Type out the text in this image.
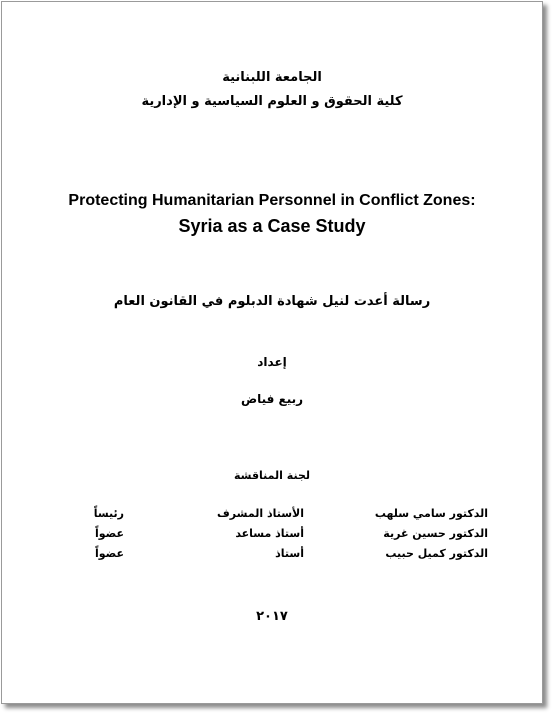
الجامعة اللبنانية
كلية الحقوق و العلوم السياسية و الإدارية
Protecting Humanitarian Personnel in Conflict Zones:
Syria as a Case Study
رسالة أعدت لنيل شهادة الدبلوم في القانون العام
إعداد
ربيع فياض
لجنة المناقشة
الدكتور سامي سلهب
الأستاذ المشرف
رئيساً
الدكتور حسين غرية
أستاذ مساعد
عضواً
الدكتور كميل حبيب
أستاذ
عضواً
٢٠١٧
